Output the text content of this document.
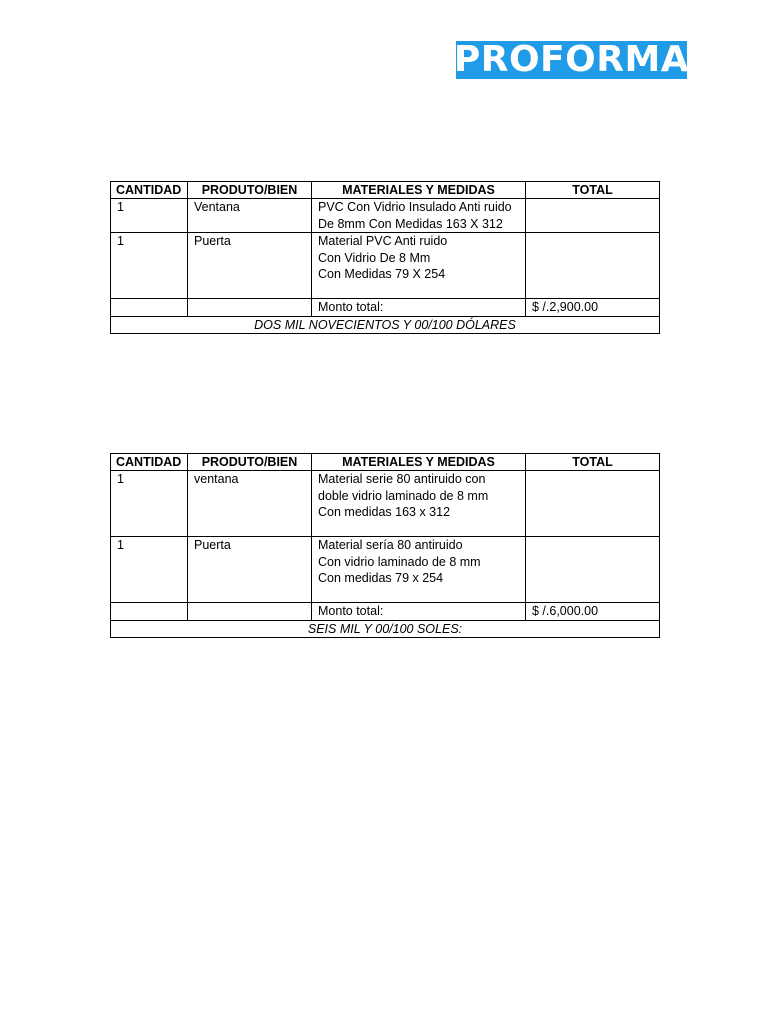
PROFORMA
CANTIDAD	PRODUTO/BIEN	MATERIALES Y MEDIDAS	TOTAL
1	Ventana	PVC Con Vidrio Insulado Anti ruido
De 8mm Con Medidas 163 X 312	

1	Puerta	Material PVC Anti ruido
Con Vidrio De 8 Mm
Con Medidas 79 X 254	

		Monto total:	$ /.2,900.00
DOS MIL NOVECIENTOS Y 00/100 DÓLARES			
CANTIDAD	PRODUTO/BIEN	MATERIALES Y MEDIDAS	TOTAL
1	ventana	Material serie 80 antiruido con
doble vidrio laminado de 8 mm
Con medidas 163 x 312	

1	Puerta	Material sería 80 antiruido
Con vidrio laminado de 8 mm
Con medidas 79 x 254	

		Monto total:	$ /.6,000.00
SEIS MIL Y 00/100 SOLES:			
